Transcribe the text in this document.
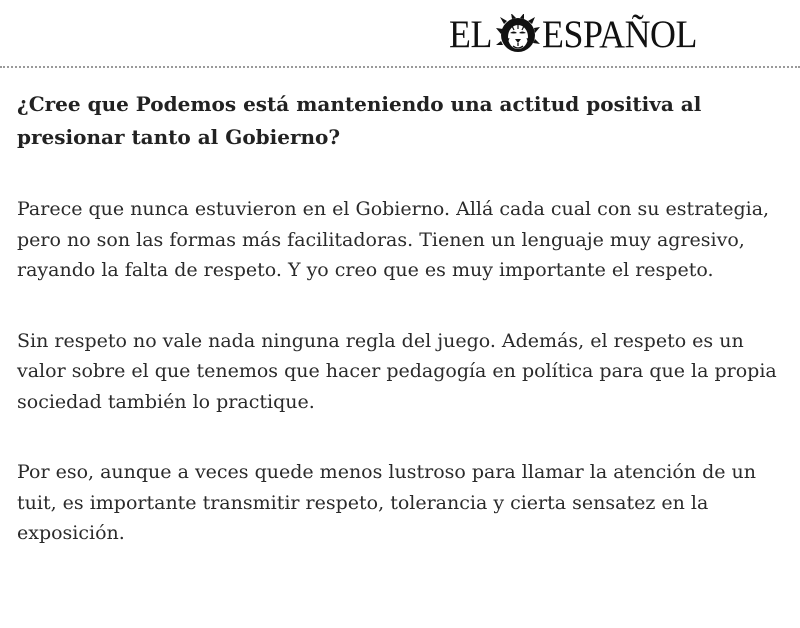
EL ESPAÑOL

¿Cree que Podemos está manteniendo una actitud positiva al presionar tanto al Gobierno?

Parece que nunca estuvieron en el Gobierno. Allá cada cual con su estrategia, pero no son las formas más facilitadoras. Tienen un lenguaje muy agresivo, rayando la falta de respeto. Y yo creo que es muy importante el respeto.

Sin respeto no vale nada ninguna regla del juego. Además, el respeto es un valor sobre el que tenemos que hacer pedagogía en política para que la propia sociedad también lo practique.

Por eso, aunque a veces quede menos lustroso para llamar la atención de un tuit, es importante transmitir respeto, tolerancia y cierta sensatez en la exposición.
